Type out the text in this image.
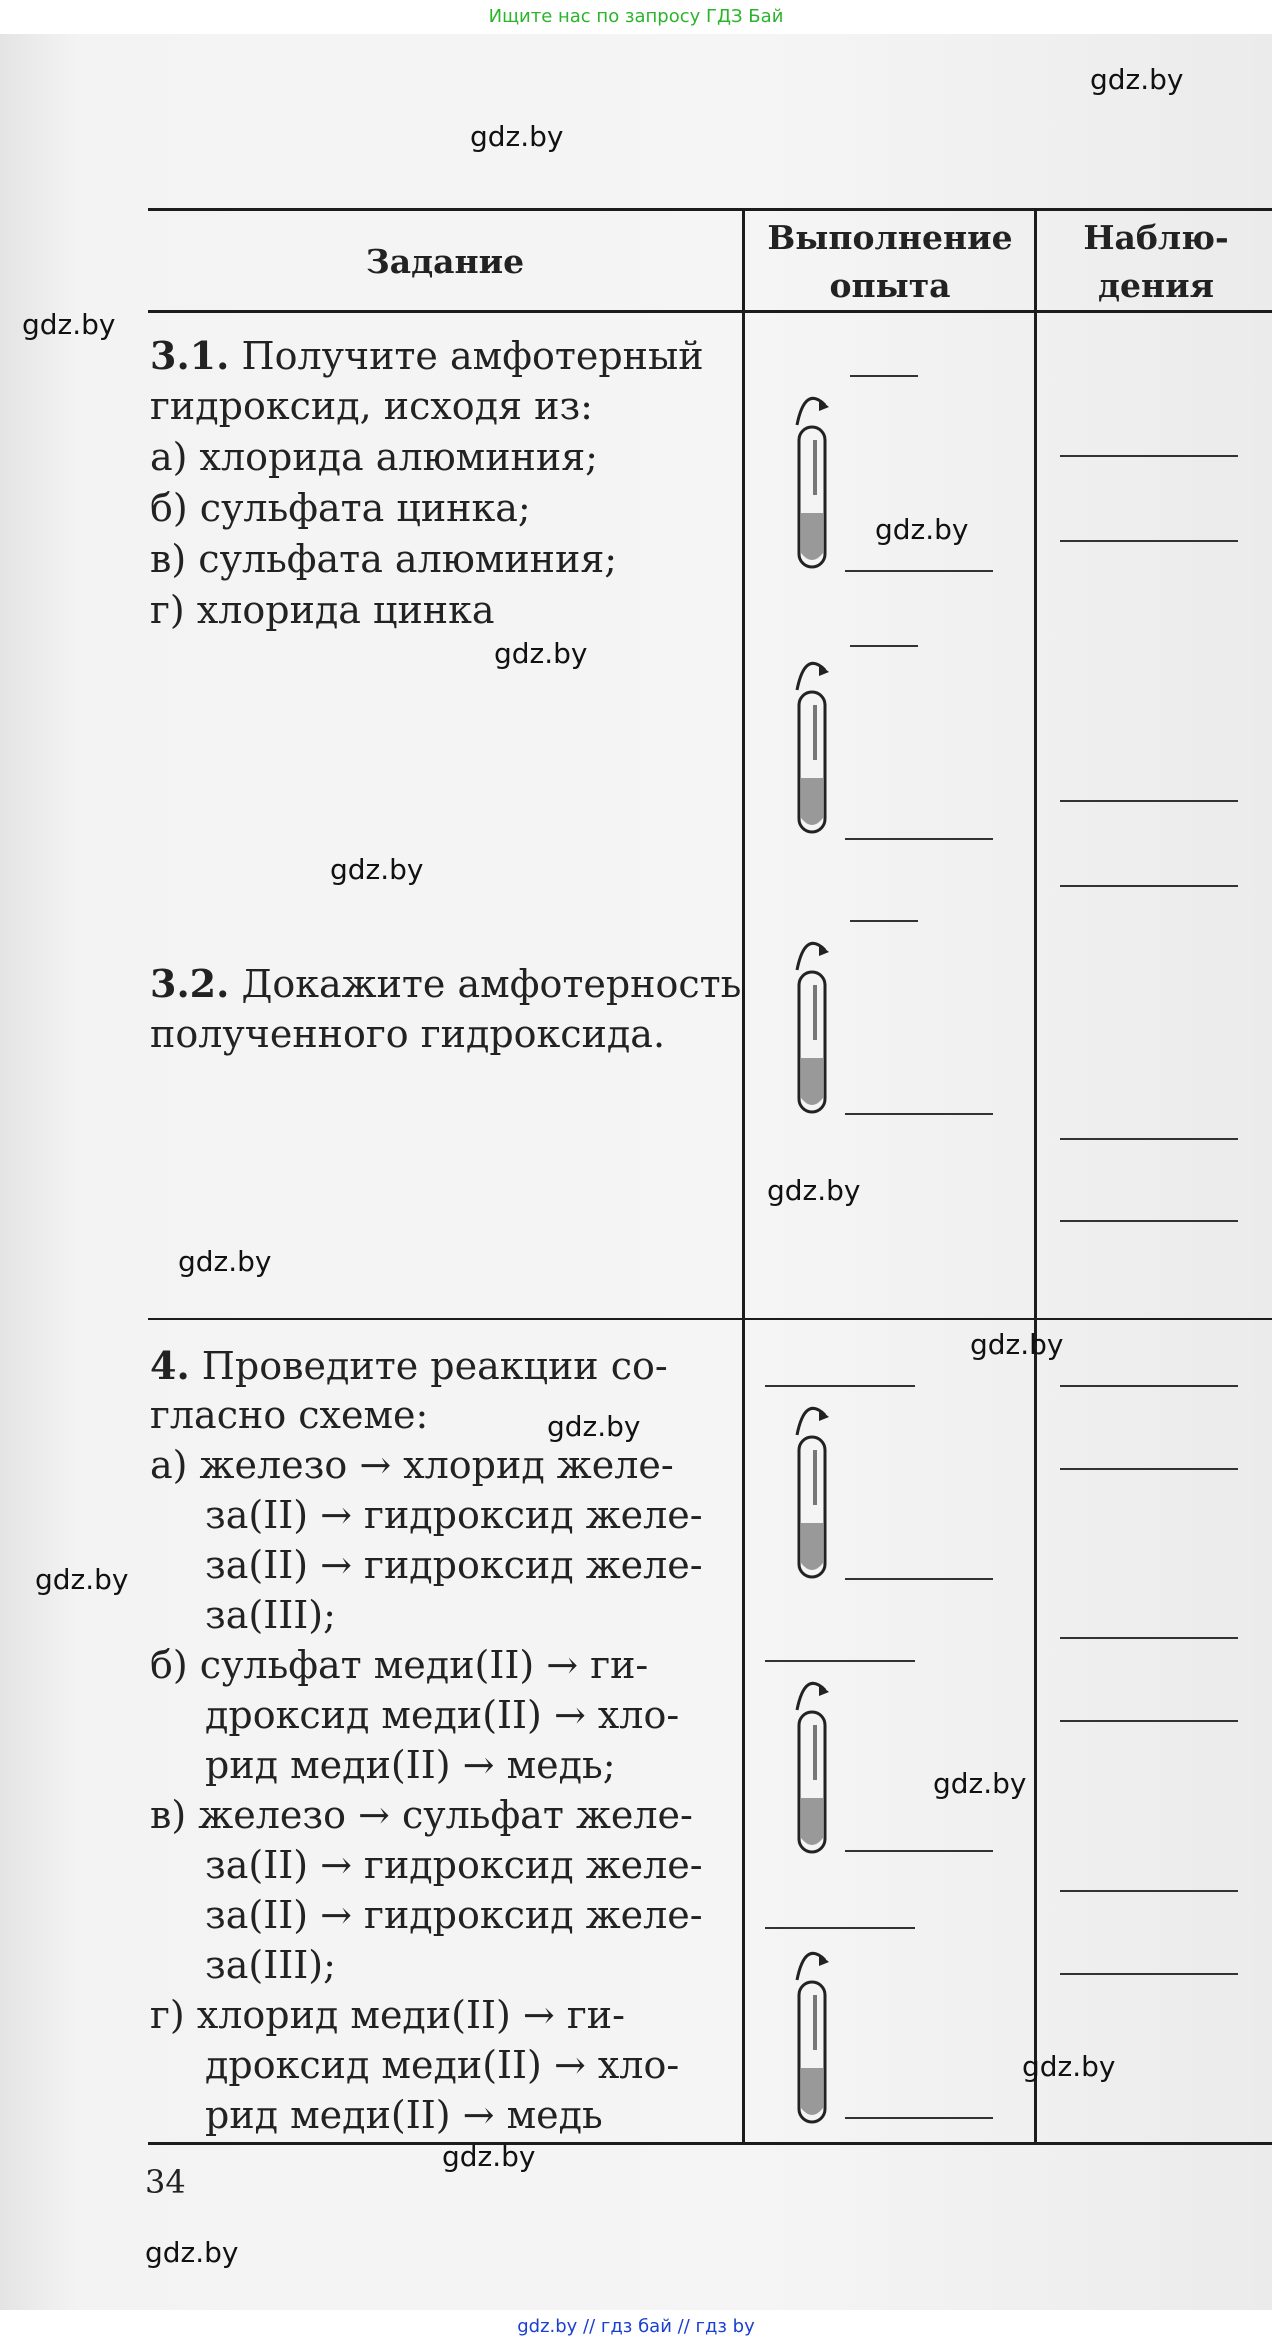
Ищите нас по запросу ГДЗ Бай
Задание
Выполнение
опыта
Наблю-
дения
3.1. Получите амфотерный
гидроксид, исходя из:
а) хлорида алюминия;
б) сульфата цинка;
в) сульфата алюминия;
г) хлорида цинка
3.2. Докажите амфотерность
полученного гидроксида.
4. Проведите реакции со-
гласно схеме:
а) железо → хлорид желе-
за(II) → гидроксид желе-
за(II) → гидроксид желе-
за(III);
б) сульфат меди(II) → ги-
дроксид меди(II) → хло-
рид меди(II) → медь;
в) железо → сульфат желе-
за(II) → гидроксид желе-
за(II) → гидроксид желе-
за(III);
г) хлорид меди(II) → ги-
дроксид меди(II) → хло-
рид меди(II) → медь
34
gdz.by
gdz.by
gdz.by
gdz.by
gdz.by
gdz.by
gdz.by
gdz.by
gdz.by
gdz.by
gdz.by
gdz.by
gdz.by
gdz.by
gdz.by
gdz.by // гдз бай // гдз by
